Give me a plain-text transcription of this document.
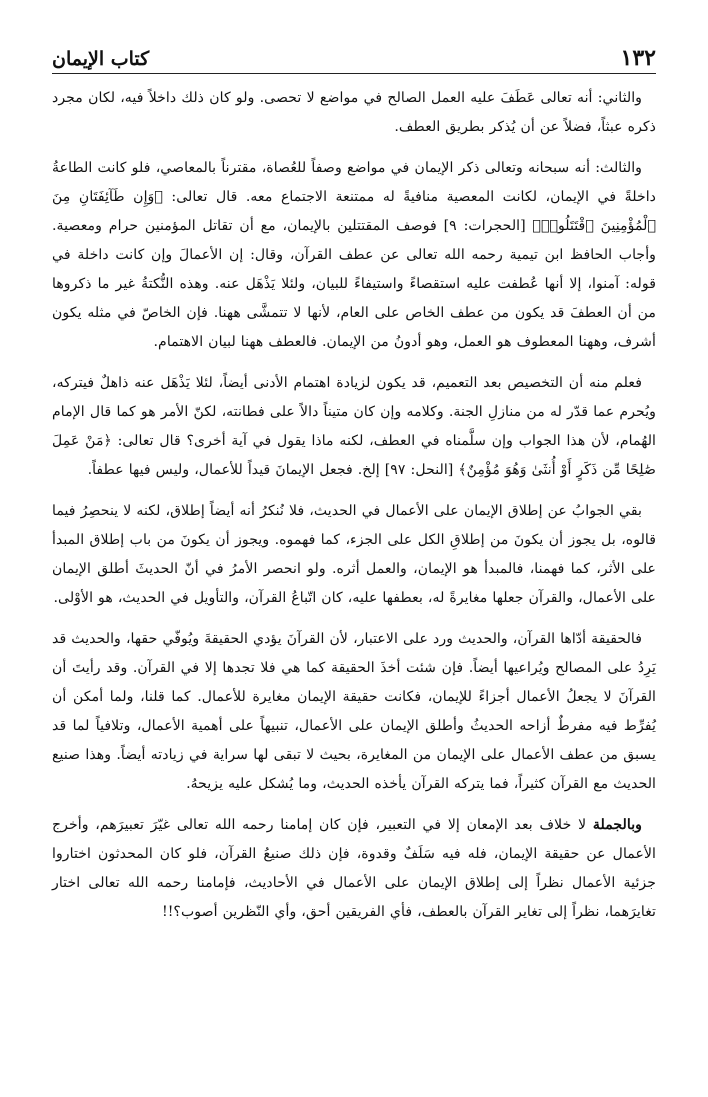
١٣٢
كتاب الإيمان

والثاني: أنه تعالى عَطَفَ عليه العمل الصالح في مواضع لا تحصى. ولو كان ذلك داخلاً فيه، لكان مجرد ذكره عبثاً، فضلاً عن أن يُذكر بطريق العطف.

والثالث: أنه سبحانه وتعالى ذكر الإيمان في مواضع وصفاً للعُصاة، مقترناً بالمعاصي، فلو كانت الطاعةُ داخلةً في الإيمان، لكانت المعصية منافيةً له ممتنعة الاجتماع معه. قال تعالى: ﴿وَإِن طَآئِفَتَانِ مِنَ ٱلْمُؤْمِنِينَ ٱقْتَتَلُوا۟﴾ [الحجرات: ٩] فوصف المقتتلين بالإيمان، مع أن تقاتل المؤمنين حرام ومعصية. وأجاب الحافظ ابن تيمية رحمه الله تعالى عن عطف القرآن، وقال: إن الأعمالَ وإن كانت داخلة في قوله: آمنوا، إلا أنها عُطفت عليه استقصاءً واستيفاءً للبيان، ولئلا يَذْهَل عنه. وهذه النُّكتةُ غير ما ذكروها من أن العطفَ قد يكون من عطف الخاص على العام، لأنها لا تتمشَّى ههنا. فإن الخاصّ في مثله يكون أشرف، وههنا المعطوف هو العمل، وهو أدونُ من الإيمان. فالعطف ههنا لبيان الاهتمام.

فعلم منه أن التخصيص بعد التعميم، قد يكون لزيادة اهتمام الأدنى أيضاً، لئلا يَذْهَل عنه ذاهلٌ فيتركه، ويُحرم عما قدّر له من منازلِ الجنة. وكلامه وإن كان متيناً دالاً على فطانته، لكنّ الأمر هو كما قال الإمام الهُمام، لأن هذا الجواب وإن سلَّمناه في العطف، لكنه ماذا يقول في آية أخرى؟ قال تعالى: ﴿مَنْ عَمِلَ صَٰلِحًا مِّن ذَكَرٍ أَوْ أُنثَىٰ وَهُوَ مُؤْمِنٌ﴾ [النحل: ٩٧] إلخ. فجعل الإيمانَ قيداً للأعمال، وليس فيها عطفاً.

بقي الجوابُ عن إطلاق الإيمان على الأعمال في الحديث، فلا نُنكرُ أنه أيضاً إطلاق، لكنه لا ينحصِرُ فيما قالوه، بل يجوز أن يكونَ من إطلاقِ الكل على الجزء، كما فهموه. ويجوز أن يكونَ من باب إطلاق المبدأ على الأثر، كما فهمنا، فالمبدأ هو الإيمان، والعمل أثره. ولو انحصر الأمرُ في أنّ الحديثَ أطلق الإيمان على الأعمال، والقرآن جعلها مغايرةً له، بعطفها عليه، كان اتّباعُ القرآن، والتأويل في الحديث، هو الأوْلى.

فالحقيقة أدّاها القرآن، والحديث ورد على الاعتبار، لأن القرآنَ يؤدي الحقيقةَ ويُوفّي حقها، والحديث قد يَرِدُ على المصالح ويُراعيها أيضاً. فإن شئت أخذَ الحقيقة كما هي فلا تجدها إلا في القرآن. وقد رأيتَ أن القرآنَ لا يجعلُ الأعمال أجزاءً للإيمان، فكانت حقيقة الإيمان مغايرة للأعمال. كما قلنا، ولما أمكن أن يُفرِّط فيه مفرطٌ أزاحه الحديثُ وأطلق الإيمان على الأعمال، تنبيهاً على أهمية الأعمال، وتلافياً لما قد يسبق من عطف الأعمال على الإيمان من المغايرة، بحيث لا تبقى لها سراية في زيادته أيضاً. وهذا صنيع الحديث مع القرآن كثيراً، فما يتركه القرآن يأخذه الحديث، وما يُشكل عليه يزيحهُ.

وبالجملة لا خلاف بعد الإمعان إلا في التعبير، فإن كان إمامنا رحمه الله تعالى غيّرَ تعبيرَهم، وأخرج الأعمال عن حقيقة الإيمان، فله فيه سَلَفٌ وقدوة، فإن ذلك صنيعُ القرآن، فلو كان المحدثون اختاروا جزئية الأعمال نظراً إلى إطلاق الإيمان على الأعمال في الأحاديث، فإمامنا رحمه الله تعالى اختار تغايرَهما، نظراً إلى تغاير القرآن بالعطف، فأي الفريقين أحق، وأي النّظرين أصوب؟!!
